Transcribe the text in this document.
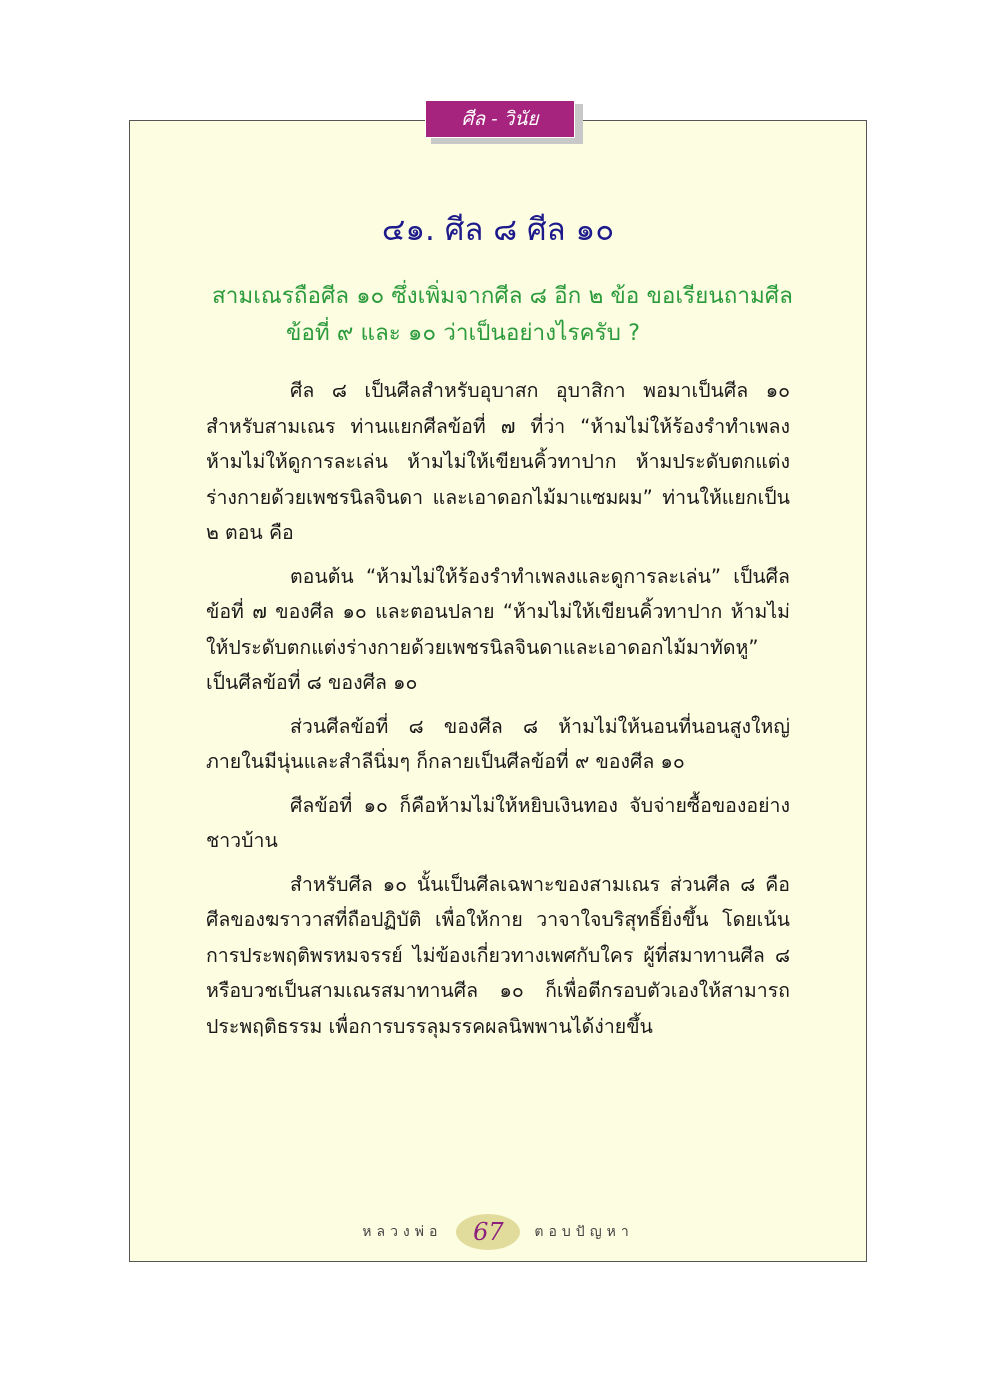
ศีล - วินัย
๔๑. ศีล ๘ ศีล ๑๐
สามเณรถือศีล ๑๐ ซึ่งเพิ่มจากศีล ๘ อีก ๒ ข้อ ขอเรียนถามศีล
ข้อที่ ๙ และ ๑๐ ว่าเป็นอย่างไรครับ ?

ศีล ๘ เป็นศีลสำหรับอุบาสก อุบาสิกา พอมาเป็นศีล ๑๐ สำหรับสามเณร ท่านแยกศีลข้อที่ ๗ ที่ว่า “ห้ามไม่ให้ร้องรำทำเพลง ห้ามไม่ให้ดูการละเล่น ห้ามไม่ให้เขียนคิ้วทาปาก ห้ามประดับตกแต่งร่างกายด้วยเพชรนิลจินดา และเอาดอกไม้มาแซมผม” ท่านให้แยกเป็น ๒ ตอน คือ

ตอนต้น “ห้ามไม่ให้ร้องรำทำเพลงและดูการละเล่น” เป็นศีลข้อที่ ๗ ของศีล ๑๐ และตอนปลาย “ห้ามไม่ให้เขียนคิ้วทาปาก ห้ามไม่ให้ประดับตกแต่งร่างกายด้วยเพชรนิลจินดาและเอาดอกไม้มาทัดหู” เป็นศีลข้อที่ ๘ ของศีล ๑๐

ส่วนศีลข้อที่ ๘ ของศีล ๘ ห้ามไม่ให้นอนที่นอนสูงใหญ่ ภายในมีนุ่นและสำลีนิ่มๆ ก็กลายเป็นศีลข้อที่ ๙ ของศีล ๑๐

ศีลข้อที่ ๑๐ ก็คือห้ามไม่ให้หยิบเงินทอง จับจ่ายซื้อของอย่างชาวบ้าน

สำหรับศีล ๑๐ นั้นเป็นศีลเฉพาะของสามเณร ส่วนศีล ๘ คือศีลของฆราวาสที่ถือปฏิบัติ เพื่อให้กาย วาจาใจบริสุทธิ์ยิ่งขึ้น โดยเน้นการประพฤติพรหมจรรย์ ไม่ข้องเกี่ยวทางเพศกับใคร ผู้ที่สมาทานศีล ๘ หรือบวชเป็นสามเณรสมาทานศีล ๑๐ ก็เพื่อตีกรอบตัวเองให้สามารถประพฤติธรรม เพื่อการบรรลุมรรคผลนิพพานได้ง่ายขึ้น

หลวงพ่อ 67 ตอบปัญหา
